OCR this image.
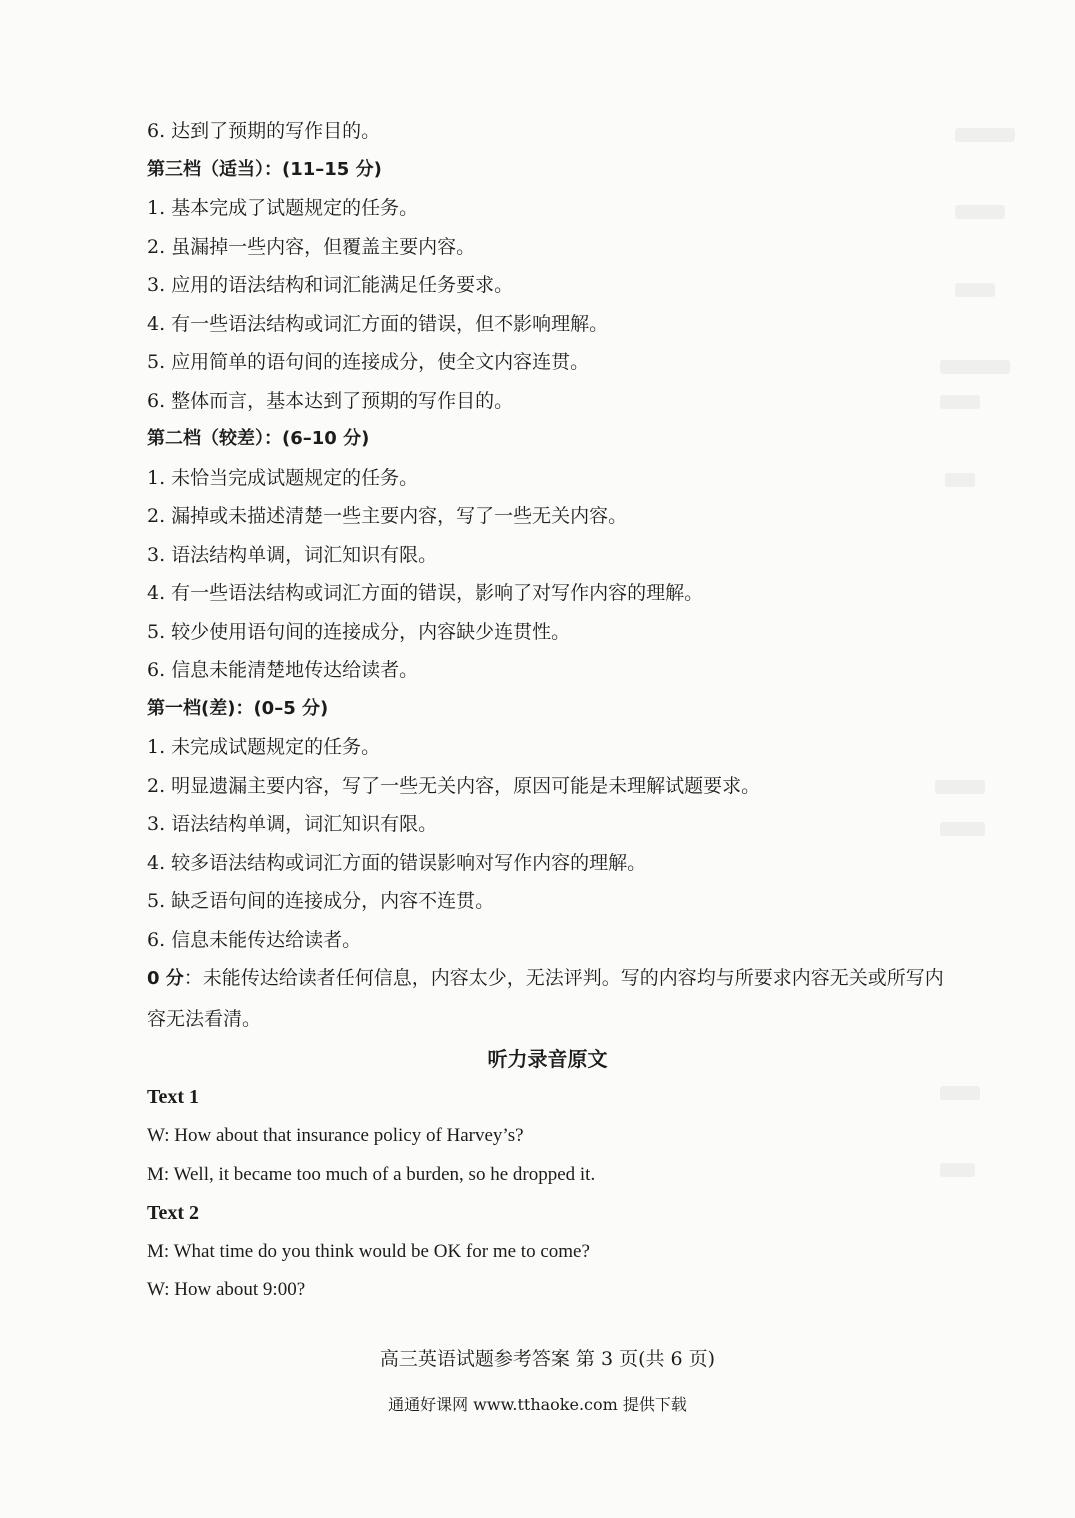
6. 达到了预期的写作目的。
第三档（适当）：(11–15 分)
1. 基本完成了试题规定的任务。
2. 虽漏掉一些内容，但覆盖主要内容。
3. 应用的语法结构和词汇能满足任务要求。
4. 有一些语法结构或词汇方面的错误，但不影响理解。
5. 应用简单的语句间的连接成分，使全文内容连贯。
6. 整体而言，基本达到了预期的写作目的。
第二档（较差）：(6–10 分)
1. 未恰当完成试题规定的任务。
2. 漏掉或未描述清楚一些主要内容，写了一些无关内容。
3. 语法结构单调，词汇知识有限。
4. 有一些语法结构或词汇方面的错误，影响了对写作内容的理解。
5. 较少使用语句间的连接成分，内容缺少连贯性。
6. 信息未能清楚地传达给读者。
第一档(差)：(0–5 分)
1. 未完成试题规定的任务。
2. 明显遗漏主要内容，写了一些无关内容，原因可能是未理解试题要求。
3. 语法结构单调，词汇知识有限。
4. 较多语法结构或词汇方面的错误影响对写作内容的理解。
5. 缺乏语句间的连接成分，内容不连贯。
6. 信息未能传达给读者。
0 分：未能传达给读者任何信息，内容太少，无法评判。写的内容均与所要求内容无关或所写内容无法看清。
听力录音原文
Text 1
W: How about that insurance policy of Harvey’s?
M: Well, it became too much of a burden, so he dropped it.
Text 2
M: What time do you think would be OK for me to come?
W: How about 9:00?
高三英语试题参考答案 第 3 页(共 6 页)
通通好课网 www.tthaoke.com 提供下载
